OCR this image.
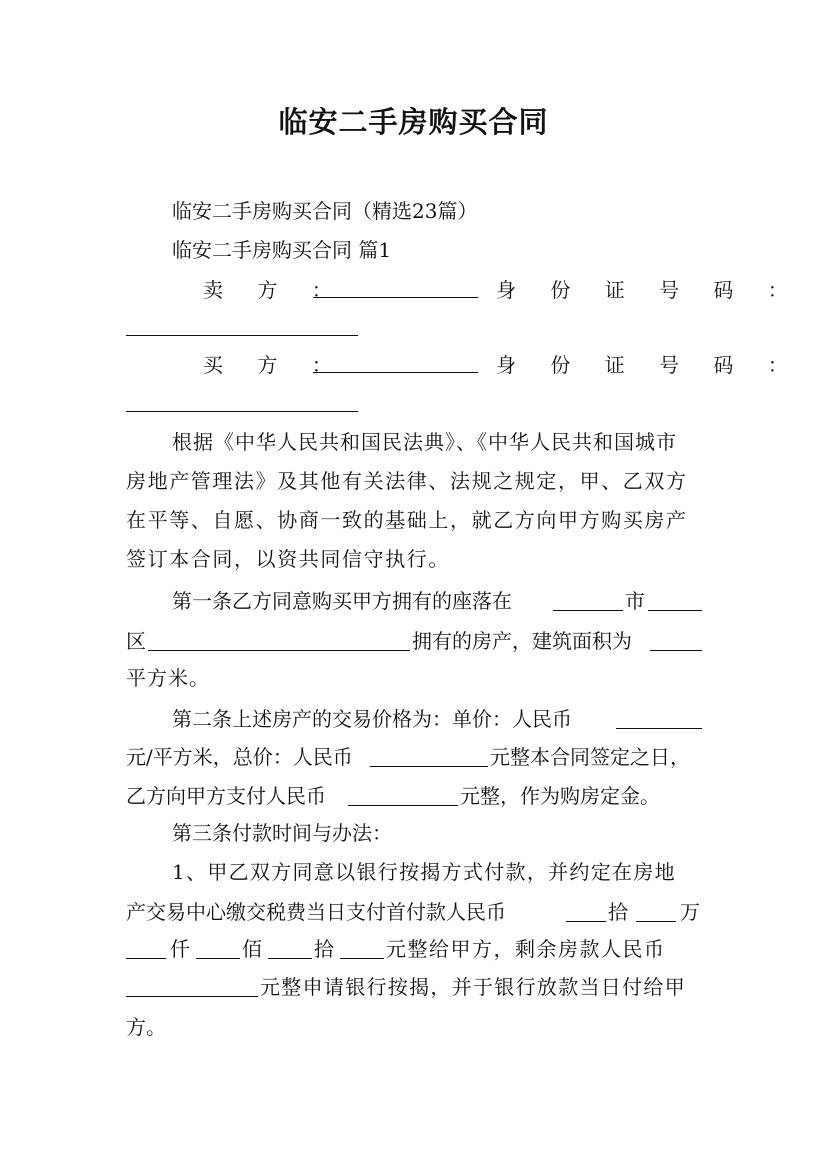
临安二手房购买合同
临安二手房购买合同（精选23篇）
临安二手房购买合同 篇1
卖 方 ：	身 份 证 号 码 ：
买 方 ：	身 份 证 号 码 ：
根据《中华人民共和国民法典》、《中华人民共和国城市
房地产管理法》及其他有关法律、法规之规定，甲、乙双方
在平等、自愿、协商一致的基础上，就乙方向甲方购买房产
签订本合同，以资共同信守执行。
第一条乙方同意购买甲方拥有的座落在	市
区	拥有的房产，建筑面积为
平方米。
第二条上述房产的交易价格为：单价：人民币
元/平方米，总价：人民币	元整本合同签定之日，
乙方向甲方支付人民币	元整，作为购房定金。
第三条付款时间与办法：
1、甲乙双方同意以银行按揭方式付款，并约定在房地
产交易中心缴交税费当日支付首付款人民币	拾	万
仟	佰	拾	元整给甲方，剩余房款人民币
元整申请银行按揭，并于银行放款当日付给甲
方。
